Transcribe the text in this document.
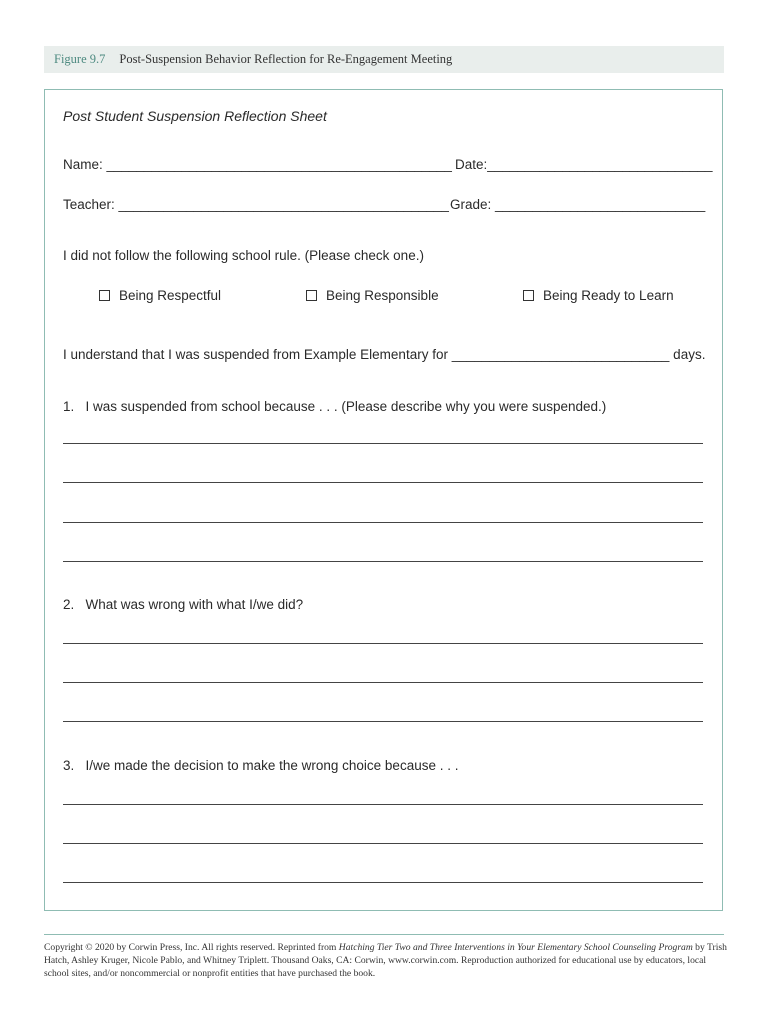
Figure 9.7	Post-Suspension Behavior Reflection for Re-Engagement Meeting
Post Student Suspension Reflection Sheet
Name: ______________________________________________ Date:______________________________
Teacher: ____________________________________________ Grade: ____________________________
I did not follow the following school rule. (Please check one.)
Being Respectful	Being Responsible	Being Ready to Learn
I understand that I was suspended from Example Elementary for _____________________________ days.
1.   I was suspended from school because . . . (Please describe why you were suspended.)
2.   What was wrong with what I/we did?
3.   I/we made the decision to make the wrong choice because . . .
Copyright © 2020 by Corwin Press, Inc. All rights reserved. Reprinted from Hatching Tier Two and Three Interventions in Your Elementary School Counseling Program by Trish Hatch, Ashley Kruger, Nicole Pablo, and Whitney Triplett. Thousand Oaks, CA: Corwin, www.corwin.com. Reproduction authorized for educational use by educators, local school sites, and/or noncommercial or nonprofit entities that have purchased the book.
